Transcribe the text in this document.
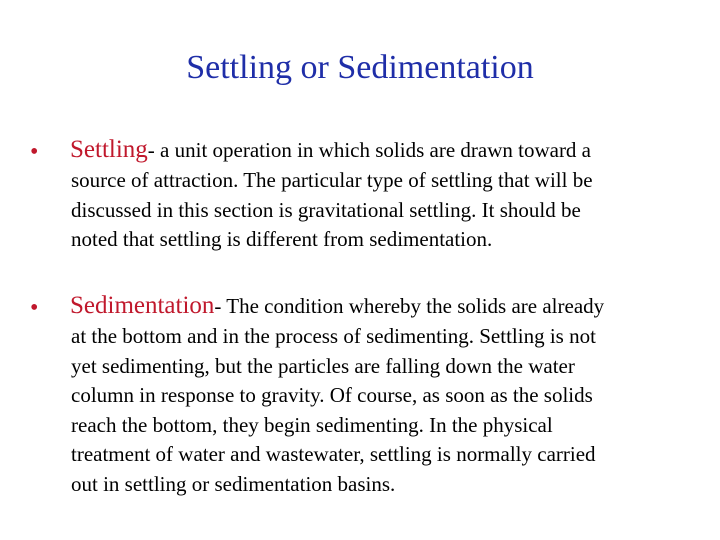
Settling or Sedimentation
• Settling- a unit operation in which solids are drawn toward a
source of attraction. The particular type of settling that will be
discussed in this section is gravitational settling. It should be
noted that settling is different from sedimentation.
• Sedimentation- The condition whereby the solids are already
at the bottom and in the process of sedimenting. Settling is not
yet sedimenting, but the particles are falling down the water
column in response to gravity. Of course, as soon as the solids
reach the bottom, they begin sedimenting. In the physical
treatment of water and wastewater, settling is normally carried
out in settling or sedimentation basins.
